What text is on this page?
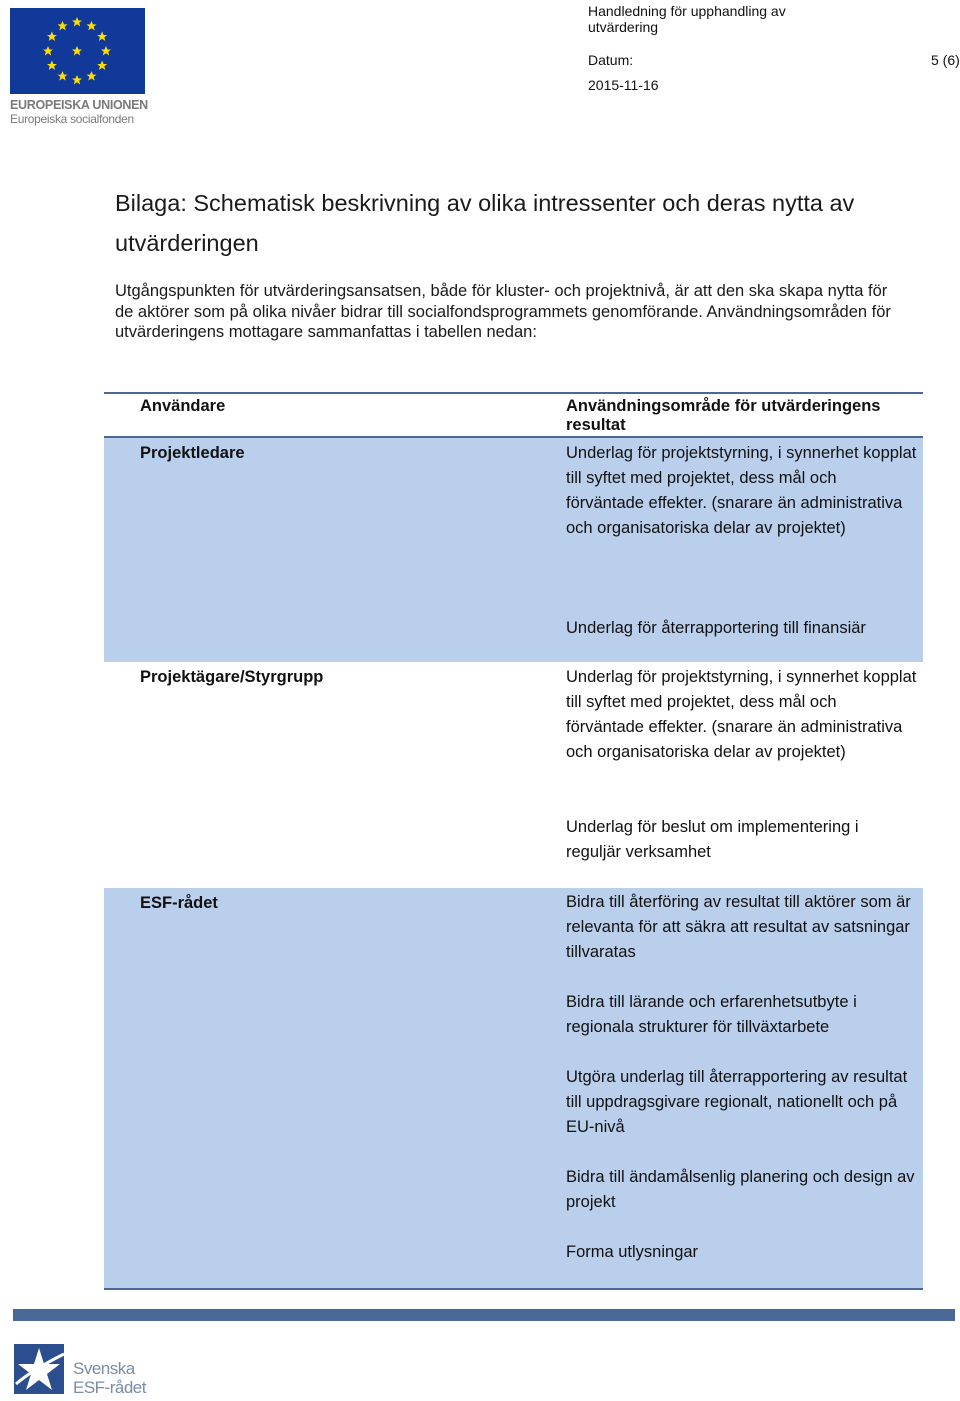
EUROPEISKA UNIONEN
Europeiska socialfonden
Handledning för upphandling av utvärdering
Datum:	5 (6)
2015-11-16
Bilaga: Schematisk beskrivning av olika intressenter och deras nytta av utvärderingen
Utgångspunkten för utvärderingsansatsen, både för kluster- och projektnivå, är att den ska skapa nytta för de aktörer som på olika nivåer bidrar till socialfondsprogrammets genomförande. Användningsområden för utvärderingens mottagare sammanfattas i tabellen nedan:
Användare	Användningsområde för utvärderingens resultat
Projektledare	Underlag för projektstyrning, i synnerhet kopplat till syftet med projektet, dess mål och förväntade effekter. (snarare än administrativa och organisatoriska delar av projektet)
Underlag för återrapportering till finansiär
Projektägare/Styrgrupp	Underlag för projektstyrning, i synnerhet kopplat till syftet med projektet, dess mål och förväntade effekter. (snarare än administrativa och organisatoriska delar av projektet)
Underlag för beslut om implementering i reguljär verksamhet
ESF-rådet	Bidra till återföring av resultat till aktörer som är relevanta för att säkra att resultat av satsningar tillvaratas
Bidra till lärande och erfarenhetsutbyte i regionala strukturer för tillväxtarbete
Utgöra underlag till återrapportering av resultat till uppdragsgivare regionalt, nationellt och på EU-nivå
Bidra till ändamålsenlig planering och design av projekt
Forma utlysningar
Svenska
ESF-rådet
